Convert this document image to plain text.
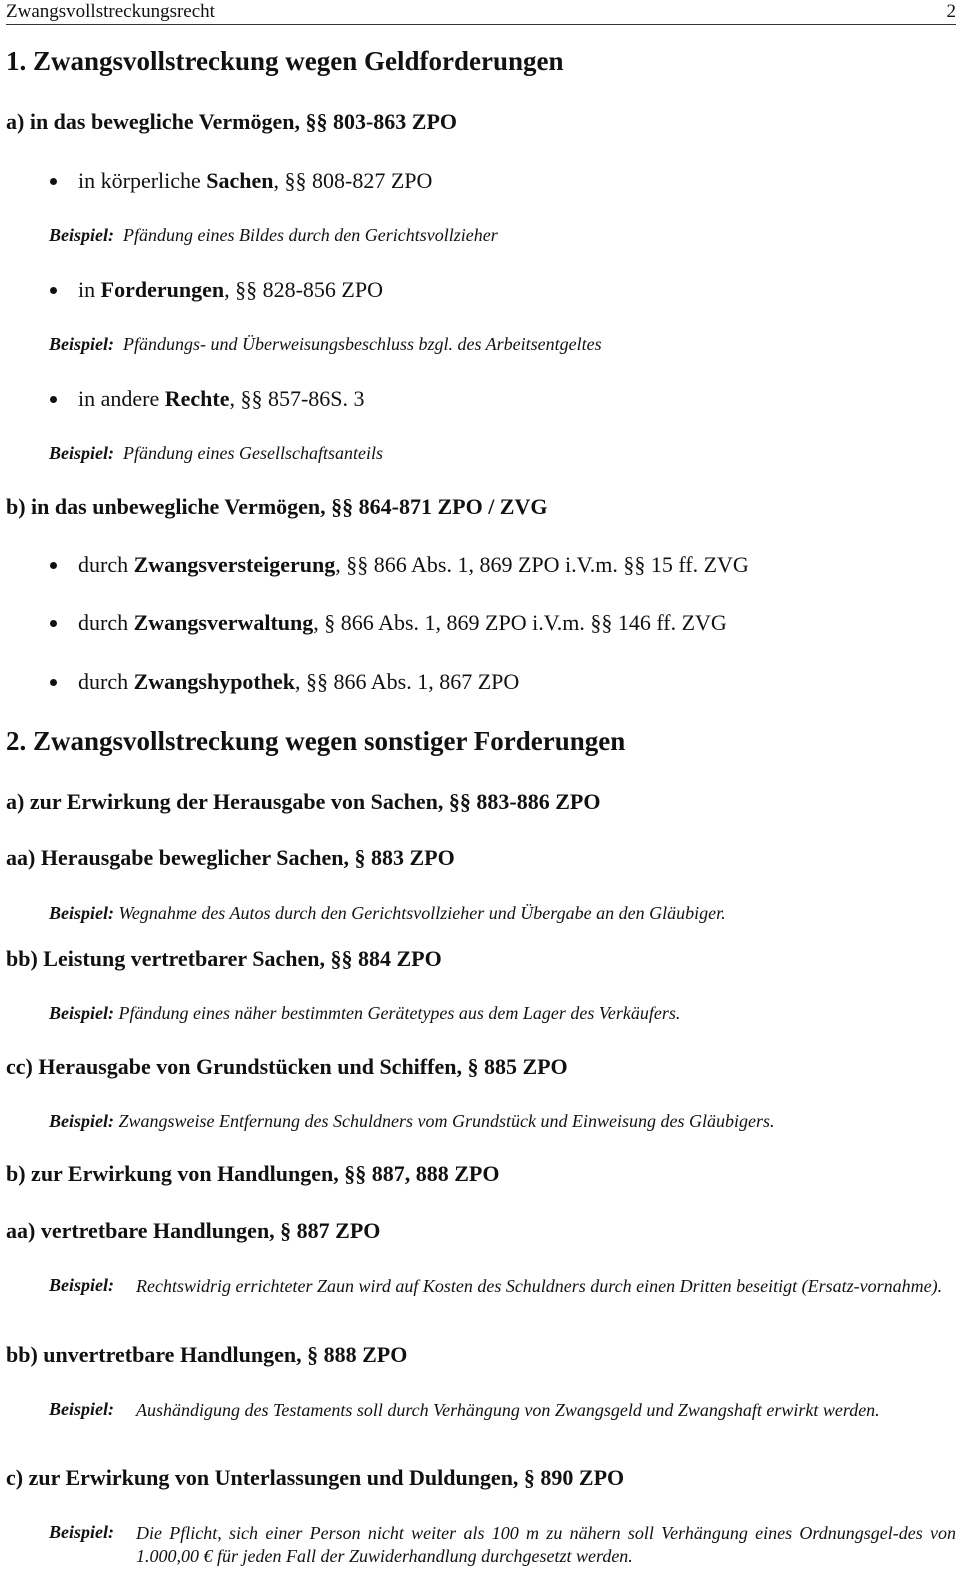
Zwangsvollstreckungsrecht	2
1. Zwangsvollstreckung wegen Geldforderungen
a) in das bewegliche Vermögen, §§ 803-863 ZPO
in körperliche Sachen, §§ 808-827 ZPO
Beispiel: Pfändung eines Bildes durch den Gerichtsvollzieher
in Forderungen, §§ 828-856 ZPO
Beispiel: Pfändungs- und Überweisungsbeschluss bzgl. des Arbeitsentgeltes
in andere Rechte, §§ 857-86S. 3
Beispiel: Pfändung eines Gesellschaftsanteils
b) in das unbewegliche Vermögen, §§ 864-871 ZPO / ZVG
durch Zwangsversteigerung, §§ 866 Abs. 1, 869 ZPO i.V.m. §§ 15 ff. ZVG
durch Zwangsverwaltung, § 866 Abs. 1, 869 ZPO i.V.m. §§ 146 ff. ZVG
durch Zwangshypothek, §§ 866 Abs. 1, 867 ZPO
2. Zwangsvollstreckung wegen sonstiger Forderungen
a) zur Erwirkung der Herausgabe von Sachen, §§ 883-886 ZPO
aa) Herausgabe beweglicher Sachen, § 883 ZPO
Beispiel: Wegnahme des Autos durch den Gerichtsvollzieher und Übergabe an den Gläubiger.
bb) Leistung vertretbarer Sachen, §§ 884 ZPO
Beispiel: Pfändung eines näher bestimmten Gerätetypes aus dem Lager des Verkäufers.
cc) Herausgabe von Grundstücken und Schiffen, § 885 ZPO
Beispiel: Zwangsweise Entfernung des Schuldners vom Grundstück und Einweisung des Gläubigers.
b) zur Erwirkung von Handlungen, §§ 887, 888 ZPO
aa) vertretbare Handlungen, § 887 ZPO
Beispiel: Rechtswidrig errichteter Zaun wird auf Kosten des Schuldners durch einen Dritten beseitigt (Ersatz-vornahme).
bb) unvertretbare Handlungen, § 888 ZPO
Beispiel: Aushändigung des Testaments soll durch Verhängung von Zwangsgeld und Zwangshaft erwirkt werden.
c) zur Erwirkung von Unterlassungen und Duldungen, § 890 ZPO
Beispiel: Die Pflicht, sich einer Person nicht weiter als 100 m zu nähern soll Verhängung eines Ordnungsgel-des von 1.000,00 € für jeden Fall der Zuwiderhandlung durchgesetzt werden.
